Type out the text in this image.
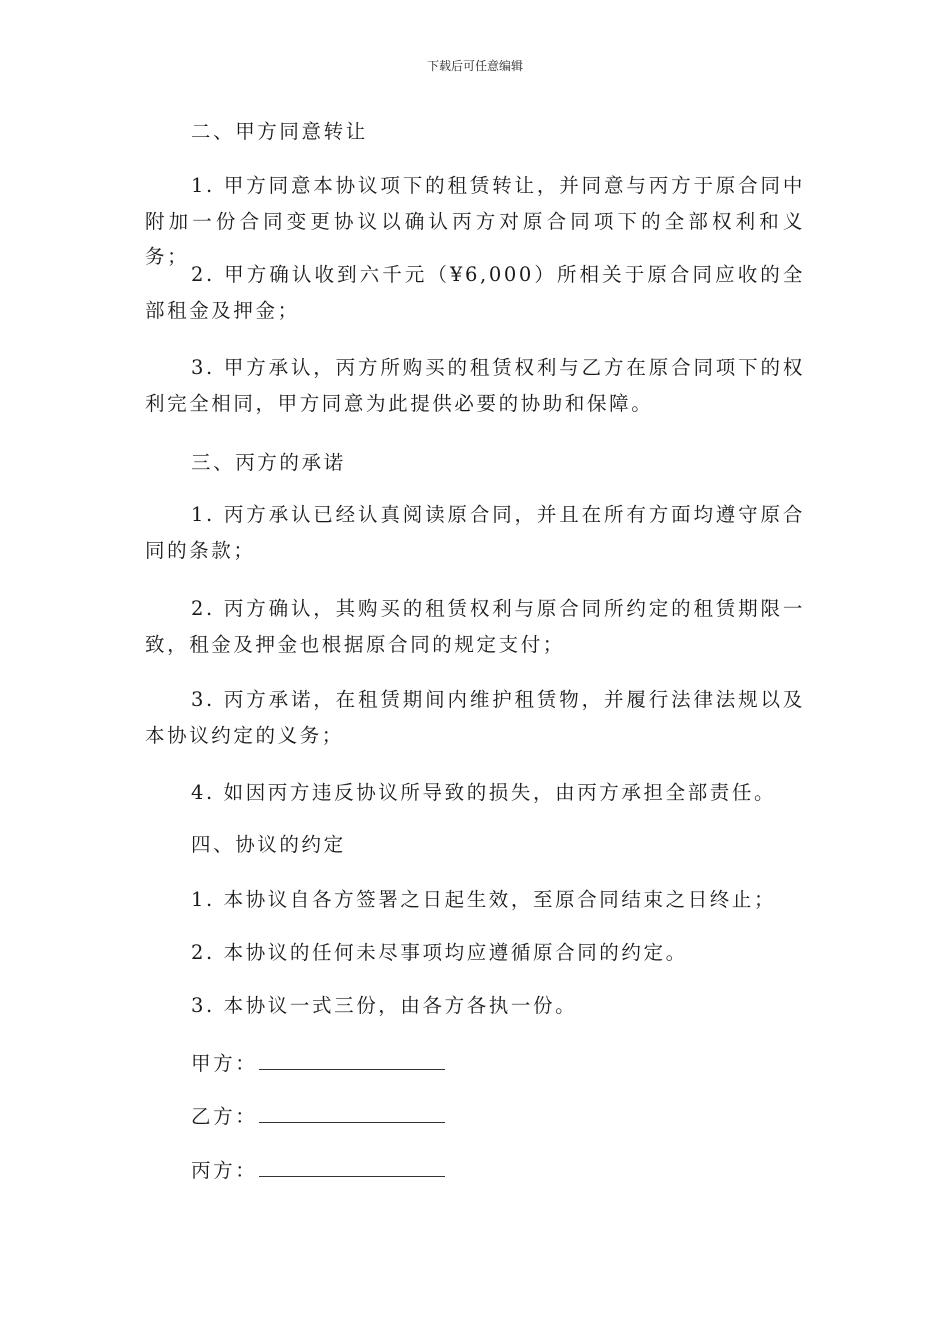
下载后可任意编辑
二、甲方同意转让
1. 甲方同意本协议项下的租赁转让，并同意与丙方于原合同中附加一份合同变更协议以确认丙方对原合同项下的全部权利和义务；
2. 甲方确认收到六千元（¥6,000）所相关于原合同应收的全部租金及押金；
3. 甲方承认，丙方所购买的租赁权利与乙方在原合同项下的权利完全相同，甲方同意为此提供必要的协助和保障。
三、丙方的承诺
1. 丙方承认已经认真阅读原合同，并且在所有方面均遵守原合同的条款；
2. 丙方确认，其购买的租赁权利与原合同所约定的租赁期限一致，租金及押金也根据原合同的规定支付；
3. 丙方承诺，在租赁期间内维护租赁物，并履行法律法规以及本协议约定的义务；
4. 如因丙方违反协议所导致的损失，由丙方承担全部责任。
四、协议的约定
1. 本协议自各方签署之日起生效，至原合同结束之日终止；
2. 本协议的任何未尽事项均应遵循原合同的约定。
3. 本协议一式三份，由各方各执一份。
甲方：
乙方：
丙方：
